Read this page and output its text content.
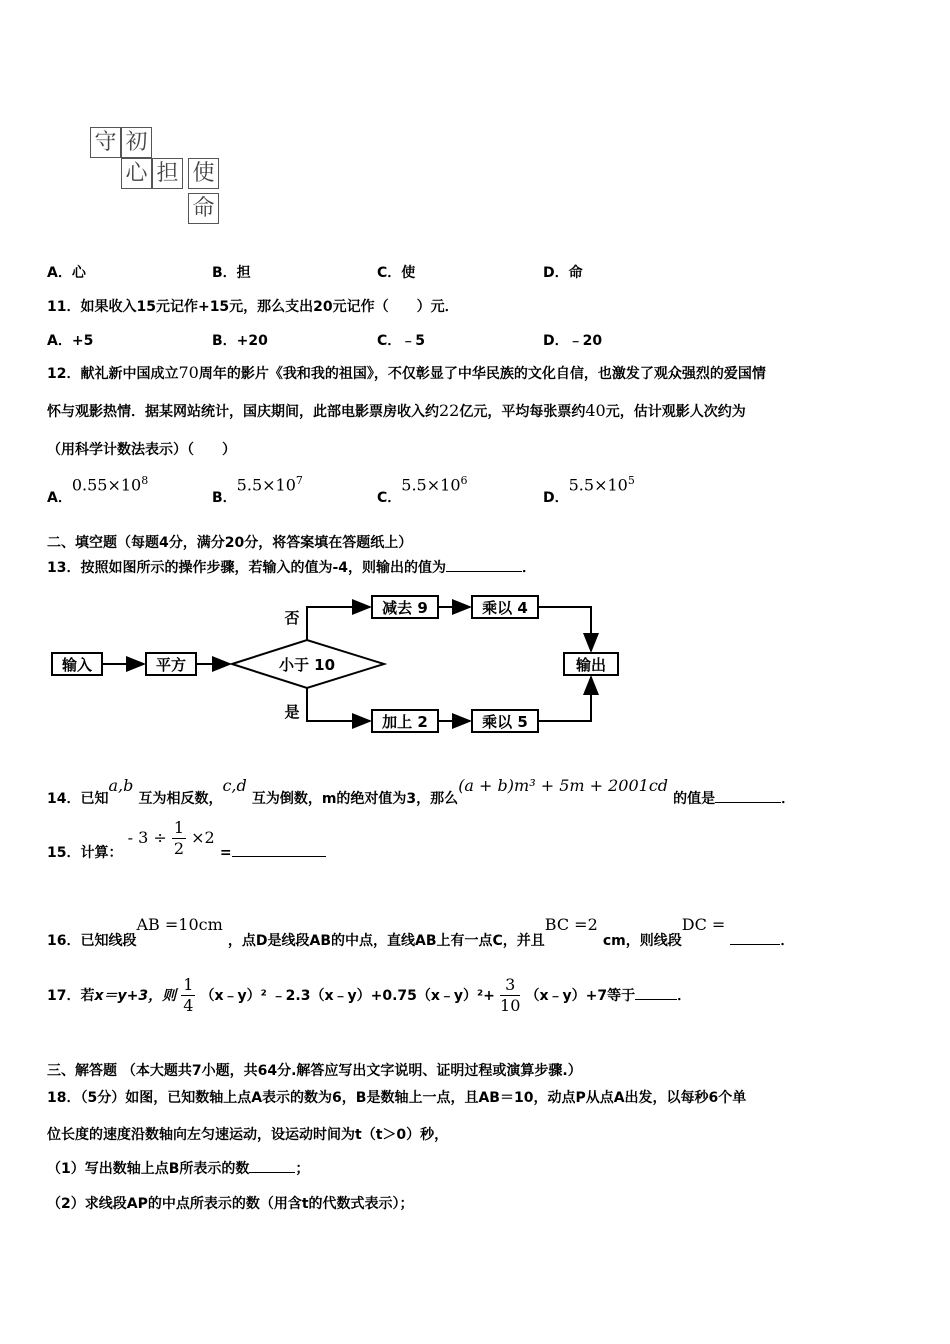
守 初
心 担 使
命
A．心	B．担	C．使	D．命
11．如果收入15元记作+15元，那么支出20元记作（　　）元．
A．+5	B．+20	C．﹣5	D．﹣20
12．献礼新中国成立70周年的影片《我和我的祖国》，不仅彰显了中华民族的文化自信，也激发了观众强烈的爱国情
怀与观影热情．据某网站统计，国庆期间，此部电影票房收入约22亿元，平均每张票约40元，估计观影人次约为
（用科学计数法表示）（　　）
A．$0.55\times 10^8$
B．$5.5\times 10^7$
C．$5.5\times 10^6$
D．$5.5\times 10^5$
二、填空题（每题4分，满分20分，将答案填在答题纸上）
13．按照如图所示的操作步骤，若输入的值为-4，则输出的值为	．
输入	平方	小于 10
减去 9	乘以 4
加上 2	乘以 5
输出
否
是
14．已知a,b 互为相反数，c,d 互为倒数，m的绝对值为3，那么(a + b)m³ + 5m + 2001cd 的值是	．
15．计算： - $3 \div \frac{1}{2} \times 2$ =
16．已知线段AB =10cm ，点D是线段AB的中点，直线AB上有一点C，并且BC =2 cm，则线段DC = ．
17．若x＝y+3，则 $\frac{1}{4}$ （x﹣y）² ﹣2.3（x﹣y）+0.75（x﹣y）²+ $\frac{3}{10}$ （x﹣y）+7等于	．
三、解答题 （本大题共7小题，共64分.解答应写出文字说明、证明过程或演算步骤.）
18．（5分）如图，已知数轴上点A表示的数为6，B是数轴上一点，且AB＝10，动点P从点A出发，以每秒6个单
位长度的速度沿数轴向左匀速运动，设运动时间为t（t＞0）秒，
（1）写出数轴上点B所表示的数	；
（2）求线段AP的中点所表示的数（用含t的代数式表示）；
